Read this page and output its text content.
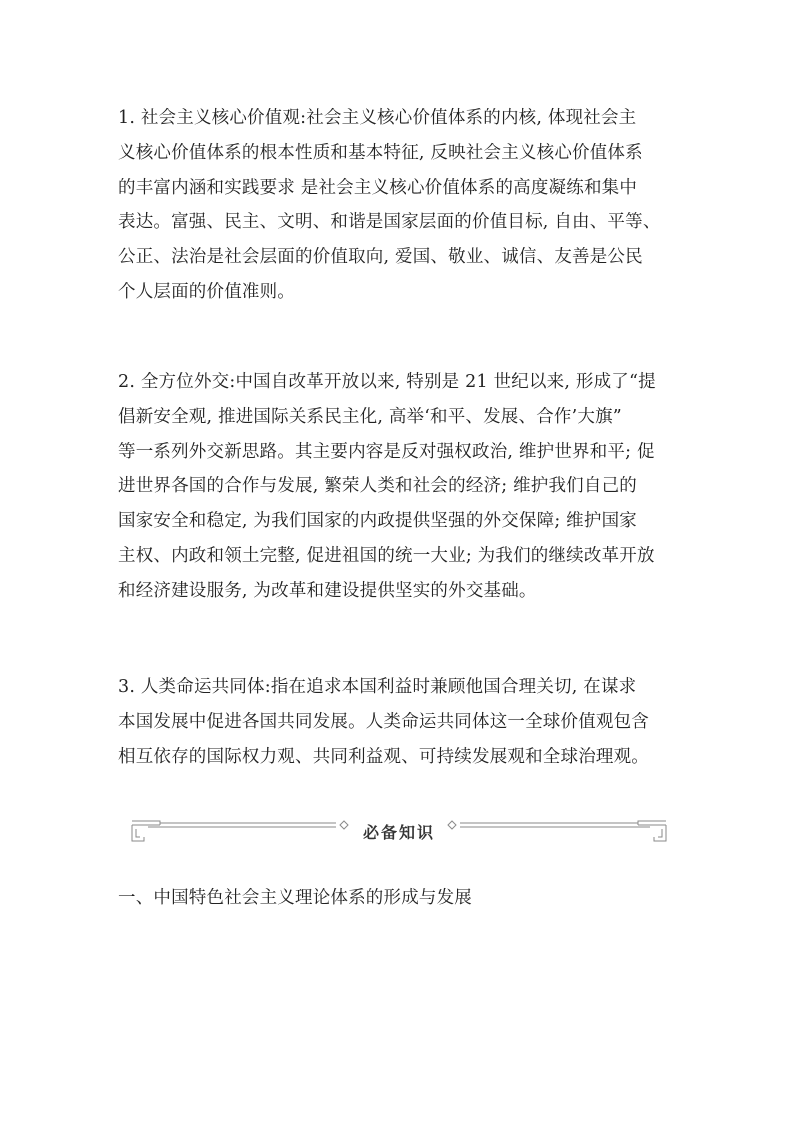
1. 社会主义核心价值观:社会主义核心价值体系的内核, 体现社会主
义核心价值体系的根本性质和基本特征, 反映社会主义核心价值体系
的丰富内涵和实践要求 是社会主义核心价值体系的高度凝练和集中
表达。富强、民主、文明、和谐是国家层面的价值目标, 自由、平等、
公正、法治是社会层面的价值取向, 爱国、敬业、诚信、友善是公民
个人层面的价值准则。
2. 全方位外交:中国自改革开放以来, 特别是 21 世纪以来, 形成了“提
倡新安全观, 推进国际关系民主化, 高举‘和平、发展、合作’大旗”
等一系列外交新思路。其主要内容是反对强权政治, 维护世界和平; 促
进世界各国的合作与发展, 繁荣人类和社会的经济; 维护我们自己的
国家安全和稳定, 为我们国家的内政提供坚强的外交保障; 维护国家
主权、内政和领土完整, 促进祖国的统一大业; 为我们的继续改革开放
和经济建设服务, 为改革和建设提供坚实的外交基础。
3. 人类命运共同体:指在追求本国利益时兼顾他国合理关切, 在谋求
本国发展中促进各国共同发展。人类命运共同体这一全球价值观包含
相互依存的国际权力观、共同利益观、可持续发展观和全球治理观。
必备知识
一、中国特色社会主义理论体系的形成与发展
